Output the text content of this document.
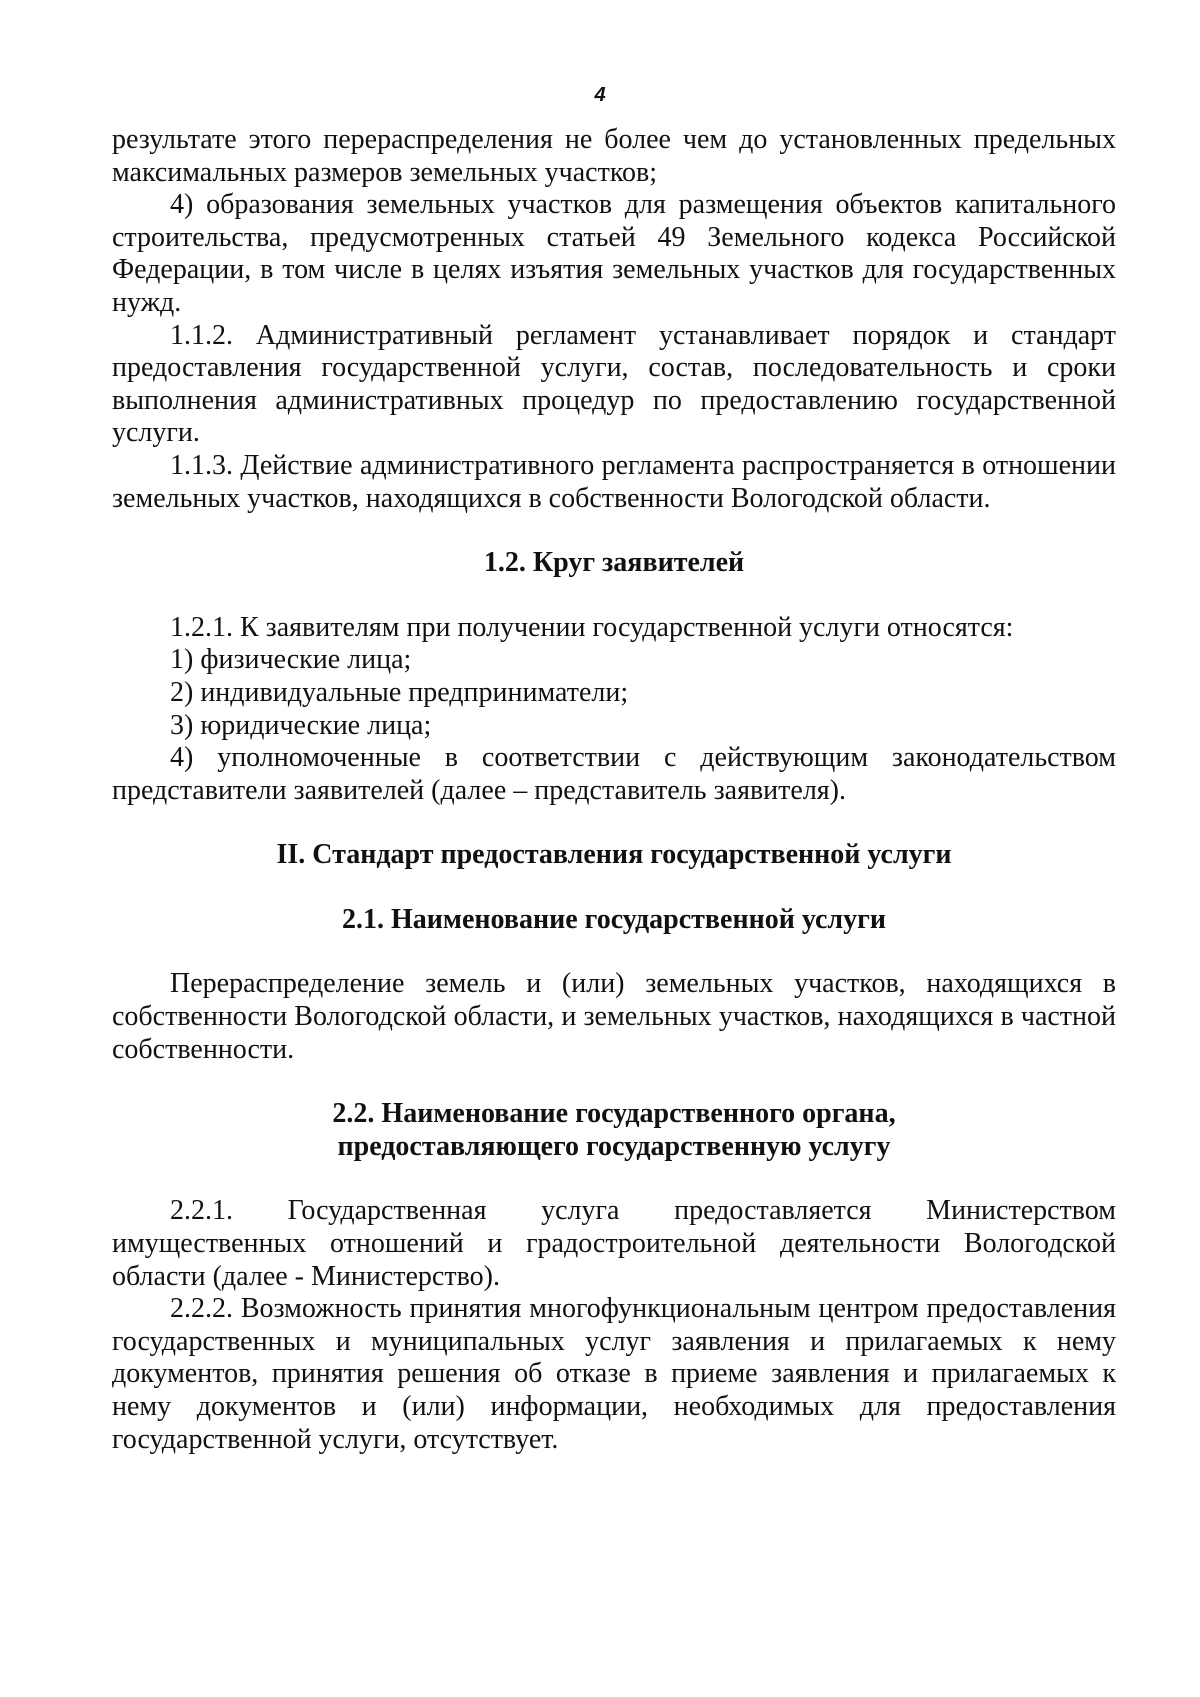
4

результате этого перераспределения не более чем до установленных предельных максимальных размеров земельных участков;

4) образования земельных участков для размещения объектов капитального строительства, предусмотренных статьей 49 Земельного кодекса Российской Федерации, в том числе в целях изъятия земельных участков для государственных нужд.

1.1.2. Административный регламент устанавливает порядок и стандарт предоставления государственной услуги, состав, последовательность и сроки выполнения административных процедур по предоставлению государственной услуги.

1.1.3. Действие административного регламента распространяется в отношении земельных участков, находящихся в собственности Вологодской области.

1.2. Круг заявителей

1.2.1. К заявителям при получении государственной услуги относятся:

1) физические лица;

2) индивидуальные предприниматели;

3) юридические лица;

4) уполномоченные в соответствии с действующим законодательством представители заявителей (далее – представитель заявителя).

II. Стандарт предоставления государственной услуги

2.1. Наименование государственной услуги

Перераспределение земель и (или) земельных участков, находящихся в собственности Вологодской области, и земельных участков, находящихся в частной собственности.

2.2. Наименование государственного органа,

предоставляющего государственную услугу

2.2.1. Государственная услуга предоставляется Министерством имущественных отношений и градостроительной деятельности Вологодской области (далее - Министерство).

2.2.2. Возможность принятия многофункциональным центром предоставления государственных и муниципальных услуг заявления и прилагаемых к нему документов, принятия решения об отказе в приеме заявления и прилагаемых к нему документов и (или) информации, необходимых для предоставления государственной услуги, отсутствует.
